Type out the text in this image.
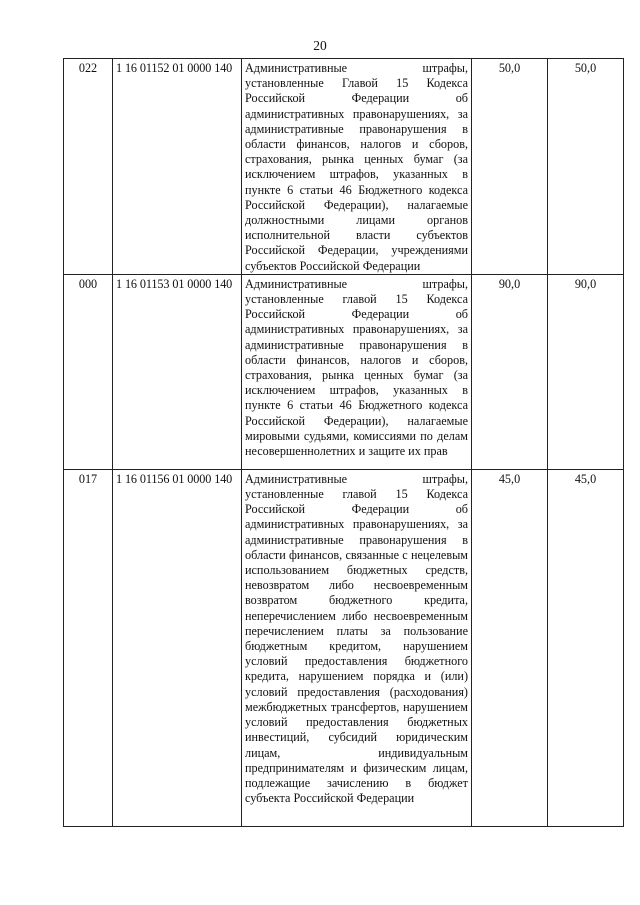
20
022	1 16 01152 01 0000 140	Административные штрафы, установленные Главой 15 Кодекса Российской Федерации об административных правонарушениях, за административные правонарушения в области финансов, налогов и сборов, страхования, рынка ценных бумаг (за исключением штрафов, указанных в пункте 6 статьи 46 Бюджетного кодекса Российской Федерации), налагаемые должностными лицами органов исполнительной власти субъектов Российской Федерации, учреждениями субъектов Российской Федерации	50,0	50,0
000	1 16 01153 01 0000 140	Административные штрафы, установленные главой 15 Кодекса Российской Федерации об административных правонарушениях, за административные правонарушения в области финансов, налогов и сборов, страхования, рынка ценных бумаг (за исключением штрафов, указанных в пункте 6 статьи 46 Бюджетного кодекса Российской Федерации), налагаемые мировыми судьями, комиссиями по делам несовершеннолетних и защите их прав	90,0	90,0
017	1 16 01156 01 0000 140	Административные штрафы, установленные главой 15 Кодекса Российской Федерации об административных правонарушениях, за административные правонарушения в области финансов, связанные с нецелевым использованием бюджетных средств, невозвратом либо несвоевременным возвратом бюджетного кредита, неперечислением либо несвоевременным перечислением платы за пользование бюджетным кредитом, нарушением условий предоставления бюджетного кредита, нарушением порядка и (или) условий предоставления (расходования) межбюджетных трансфертов, нарушением условий предоставления бюджетных инвестиций, субсидий юридическим лицам, индивидуальным предпринимателям и физическим лицам, подлежащие зачислению в бюджет субъекта Российской Федерации	45,0	45,0
